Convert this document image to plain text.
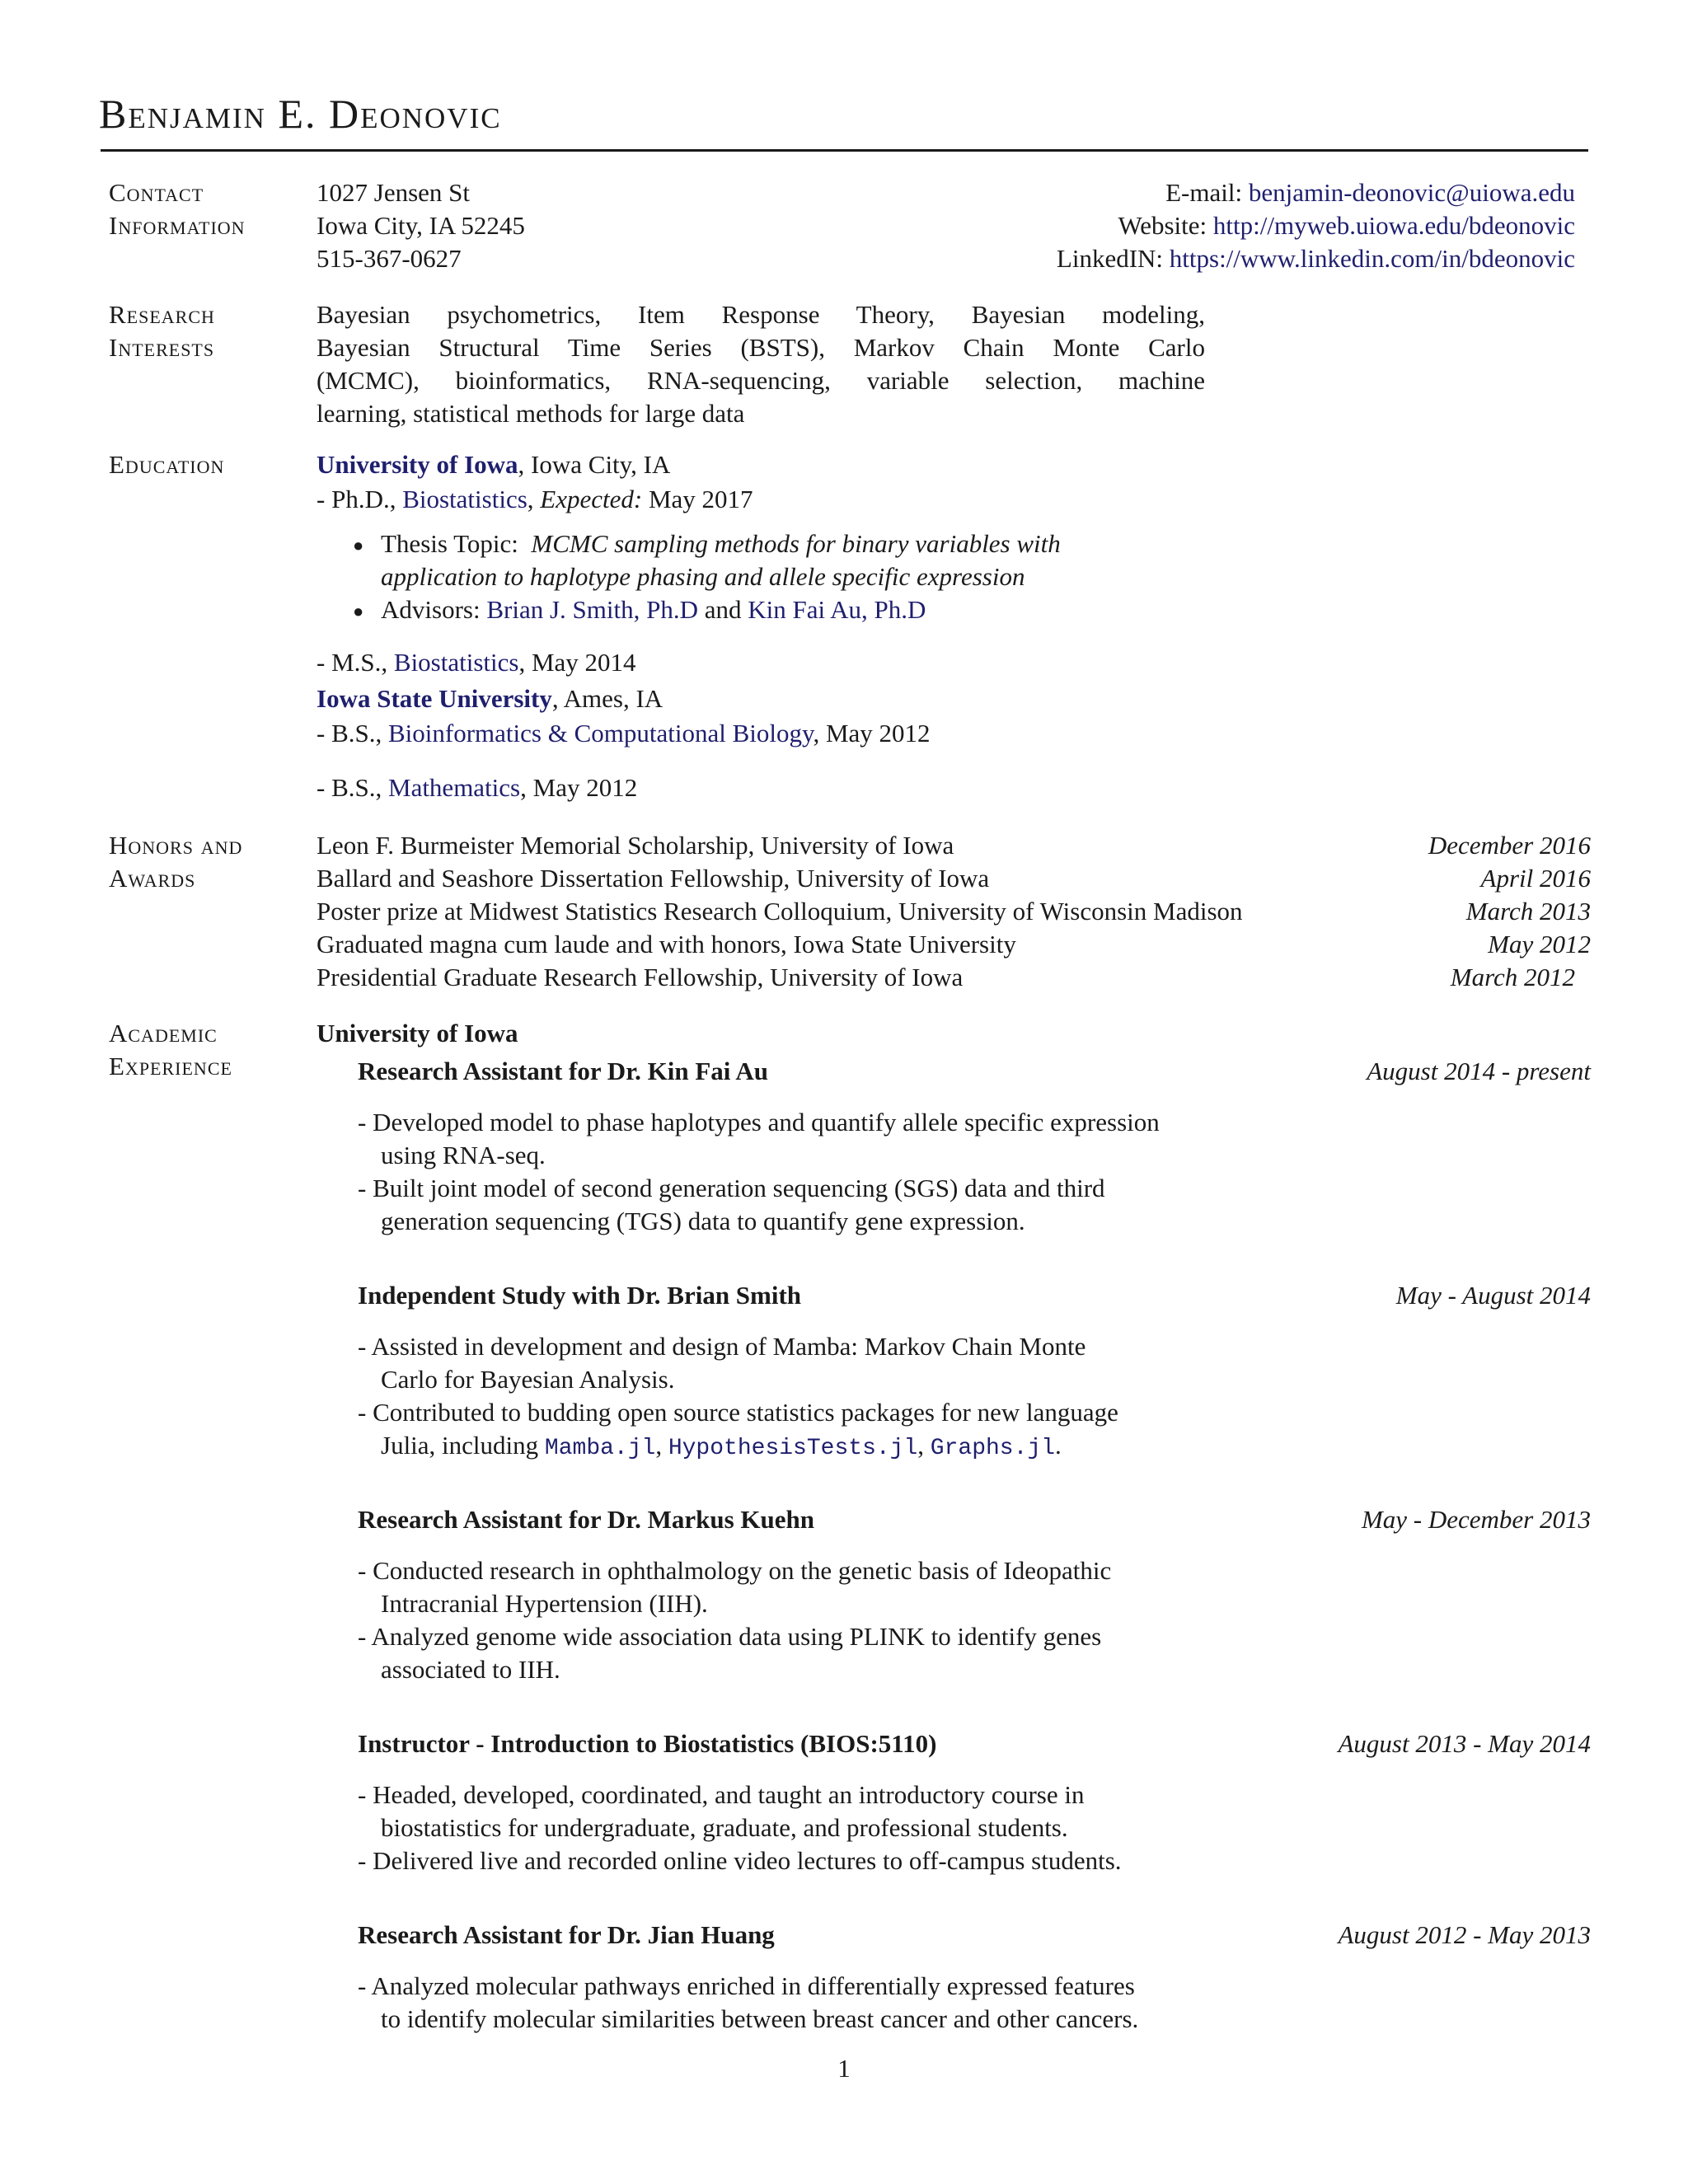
Benjamin E. Deonovic
Contact
Information
1027 Jensen St
Iowa City, IA 52245
515-367-0627
E-mail: benjamin-deonovic@uiowa.edu
Website: http://myweb.uiowa.edu/bdeonovic
LinkedIN: https://www.linkedin.com/in/bdeonovic
Research
Interests
Bayesian psychometrics, Item Response Theory, Bayesian modeling,
Bayesian Structural Time Series (BSTS), Markov Chain Monte Carlo
(MCMC), bioinformatics, RNA-sequencing, variable selection, machine
learning, statistical methods for large data
Education	University of Iowa, Iowa City, IA
- Ph.D., Biostatistics, Expected: May 2017
● Thesis Topic: MCMC sampling methods for binary variables with
application to haplotype phasing and allele specific expression
● Advisors: Brian J. Smith, Ph.D and Kin Fai Au, Ph.D
- M.S., Biostatistics, May 2014
Iowa State University, Ames, IA
- B.S., Bioinformatics & Computational Biology, May 2012
- B.S., Mathematics, May 2012
Honors and
Awards
Leon F. Burmeister Memorial Scholarship, University of Iowa	December 2016
Ballard and Seashore Dissertation Fellowship, University of Iowa	April 2016
Poster prize at Midwest Statistics Research Colloquium, University of Wisconsin Madison	March 2013
Graduated magna cum laude and with honors, Iowa State University	May 2012
Presidential Graduate Research Fellowship, University of Iowa	March 2012
Academic
Experience
University of Iowa
Research Assistant for Dr. Kin Fai Au	August 2014 - present
- Developed model to phase haplotypes and quantify allele specific expression
using RNA-seq.
- Built joint model of second generation sequencing (SGS) data and third
generation sequencing (TGS) data to quantify gene expression.
Independent Study with Dr. Brian Smith	May - August 2014
- Assisted in development and design of Mamba: Markov Chain Monte
Carlo for Bayesian Analysis.
- Contributed to budding open source statistics packages for new language
Julia, including Mamba.jl, HypothesisTests.jl, Graphs.jl.
Research Assistant for Dr. Markus Kuehn	May - December 2013
- Conducted research in ophthalmology on the genetic basis of Ideopathic
Intracranial Hypertension (IIH).
- Analyzed genome wide association data using PLINK to identify genes
associated to IIH.
Instructor - Introduction to Biostatistics (BIOS:5110)	August 2013 - May 2014
- Headed, developed, coordinated, and taught an introductory course in
biostatistics for undergraduate, graduate, and professional students.
- Delivered live and recorded online video lectures to off-campus students.
Research Assistant for Dr. Jian Huang	August 2012 - May 2013
- Analyzed molecular pathways enriched in differentially expressed features
to identify molecular similarities between breast cancer and other cancers.
1
